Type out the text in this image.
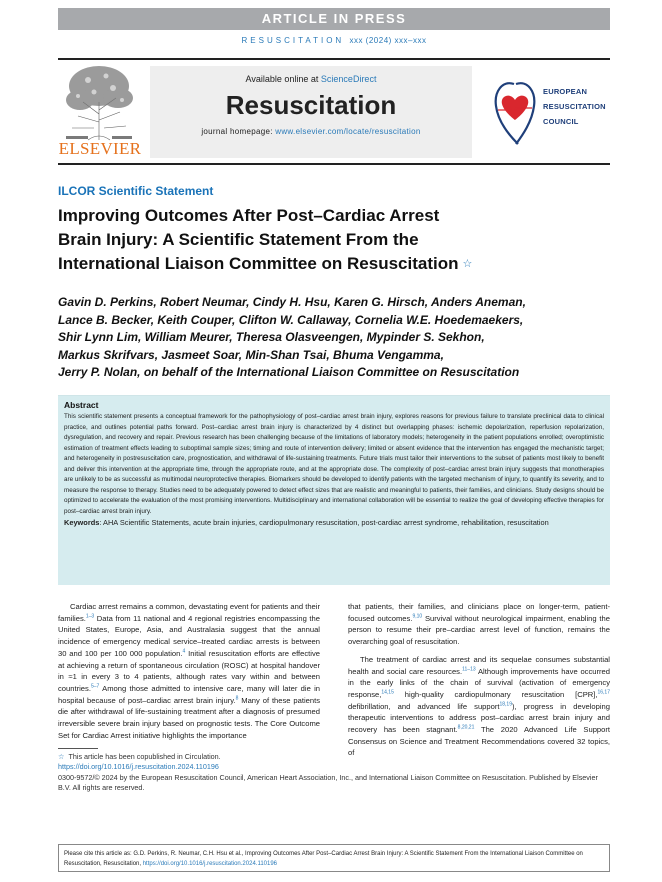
ARTICLE IN PRESS
RESUSCITATION xxx (2024) xxx–xxx
ELSEVIER
Available online at ScienceDirect
Resuscitation
journal homepage: www.elsevier.com/locate/resuscitation
EUROPEAN
RESUSCITATION
COUNCIL
ILCOR Scientific Statement
Improving Outcomes After Post–Cardiac Arrest
Brain Injury: A Scientific Statement From the
International Liaison Committee on Resuscitation ☆
Gavin D. Perkins, Robert Neumar, Cindy H. Hsu, Karen G. Hirsch, Anders Aneman,
Lance B. Becker, Keith Couper, Clifton W. Callaway, Cornelia W.E. Hoedemaekers,
Shir Lynn Lim, William Meurer, Theresa Olasveengen, Mypinder S. Sekhon,
Markus Skrifvars, Jasmeet Soar, Min-Shan Tsai, Bhuma Vengamma,
Jerry P. Nolan, on behalf of the International Liaison Committee on Resuscitation
Abstract
This scientific statement presents a conceptual framework for the pathophysiology of post–cardiac arrest brain injury, explores reasons for previous failure to translate preclinical data to clinical practice, and outlines potential paths forward. Post–cardiac arrest brain injury is characterized by 4 distinct but overlapping phases: ischemic depolarization, reperfusion repolarization, dysregulation, and recovery and repair. Previous research has been challenging because of the limitations of laboratory models; heterogeneity in the patient populations enrolled; overoptimistic estimation of treatment effects leading to suboptimal sample sizes; timing and route of intervention delivery; limited or absent evidence that the intervention has engaged the mechanistic target; and heterogeneity in postresuscitation care, prognostication, and withdrawal of life-sustaining treatments. Future trials must tailor their interventions to the subset of patients most likely to benefit and deliver this intervention at the appropriate time, through the appropriate route, and at the appropriate dose. The complexity of post–cardiac arrest brain injury suggests that monotherapies are unlikely to be as successful as multimodal neuroprotective therapies. Biomarkers should be developed to identify patients with the targeted mechanism of injury, to quantify its severity, and to measure the response to therapy. Studies need to be adequately powered to detect effect sizes that are realistic and meaningful to patients, their families, and clinicians. Study designs should be optimized to accelerate the evaluation of the most promising interventions. Multidisciplinary and international collaboration will be essential to realize the goal of developing effective therapies for post–cardiac arrest brain injury.
Keywords: AHA Scientific Statements, acute brain injuries, cardiopulmonary resuscitation, post-cardiac arrest syndrome, rehabilitation, resuscitation

Cardiac arrest remains a common, devastating event for patients and their families.$^{1-3}$ Data from 11 national and 4 regional registries encompassing the United States, Europe, Asia, and Australasia suggest that the annual incidence of emergency medical service–treated cardiac arrests is between 30 and 100 per 100 000 population.$^4$ Initial resuscitation efforts are effective at achieving a return of spontaneous circulation (ROSC) at hospital handover in ≈1 in every 3 to 4 patients, although rates vary within and between countries.$^{5-7}$ Among those admitted to intensive care, many will later die in hospital because of post–cardiac arrest brain injury.$^8$ Many of these patients die after withdrawal of life-sustaining treatment after a diagnosis of presumed irreversible severe brain injury based on prognostic tests. The Core Outcome Set for Cardiac Arrest initiative highlights the importance

that patients, their families, and clinicians place on longer-term, patient-focused outcomes.$^{9,10}$ Survival without neurological impairment, enabling the person to resume their pre–cardiac arrest level of function, remains the overarching goal of resuscitation.

The treatment of cardiac arrest and its sequelae consumes substantial health and social care resources.$^{11-13}$ Although improvements have occurred in the early links of the chain of survival (activation of emergency response,$^{14,15}$ high-quality cardiopulmonary resuscitation [CPR],$^{16,17}$ defibrillation, and advanced life support$^{18,19}$), progress in developing therapeutic interventions to address post–cardiac arrest brain injury and recovery has been stagnant.$^{8,20,21}$ The 2020 Advanced Life Support Consensus on Science and Treatment Recommendations covered 32 topics, of

☆ This article has been copublished in Circulation.
https://doi.org/10.1016/j.resuscitation.2024.110196
0300-9572/© 2024 by the European Resuscitation Council, American Heart Association, Inc., and International Liaison Committee on Resuscitation. Published by Elsevier B.V. All rights are reserved.
Please cite this article as: G.D. Perkins, R. Neumar, C.H. Hsu et al., Improving Outcomes After Post–Cardiac Arrest Brain Injury: A Scientific Statement From the International Liaison Committee on Resuscitation, Resuscitation, https://doi.org/10.1016/j.resuscitation.2024.110196
